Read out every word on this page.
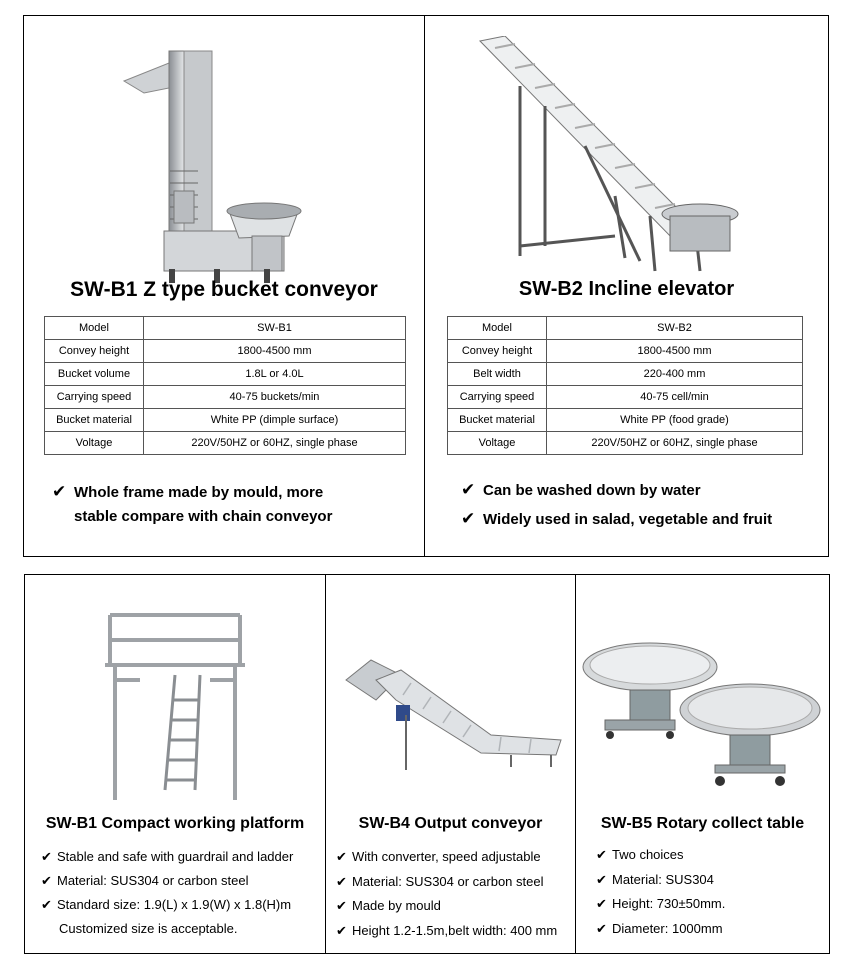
SW-B1 Z type bucket conveyor
Model	SW-B1
Convey height	1800-4500 mm
Bucket volume	1.8L or 4.0L
Carrying speed	40-75 buckets/min
Bucket material	White PP (dimple surface)
Voltage	220V/50HZ or 60HZ, single phase
✔ Whole frame made by mould, more
stable compare with chain conveyor
SW-B2 Incline elevator
Model	SW-B2
Convey height	1800-4500 mm
Belt width	220-400 mm
Carrying speed	40-75 cell/min
Bucket material	White PP (food grade)
Voltage	220V/50HZ or 60HZ, single phase
✔ Can be washed down by water
✔ Widely used in salad, vegetable and fruit
SW-B1 Compact working platform
✔ Stable and safe with guardrail and ladder
✔ Material: SUS304 or carbon steel
✔ Standard size: 1.9(L) x 1.9(W) x 1.8(H)m
Customized size is acceptable.
SW-B4 Output conveyor
✔ With converter, speed adjustable
✔ Material: SUS304 or carbon steel
✔ Made by mould
✔ Height 1.2-1.5m,belt width: 400 mm
SW-B5 Rotary collect table
✔ Two choices
✔ Material: SUS304
✔ Height: 730±50mm.
✔ Diameter: 1000mm
